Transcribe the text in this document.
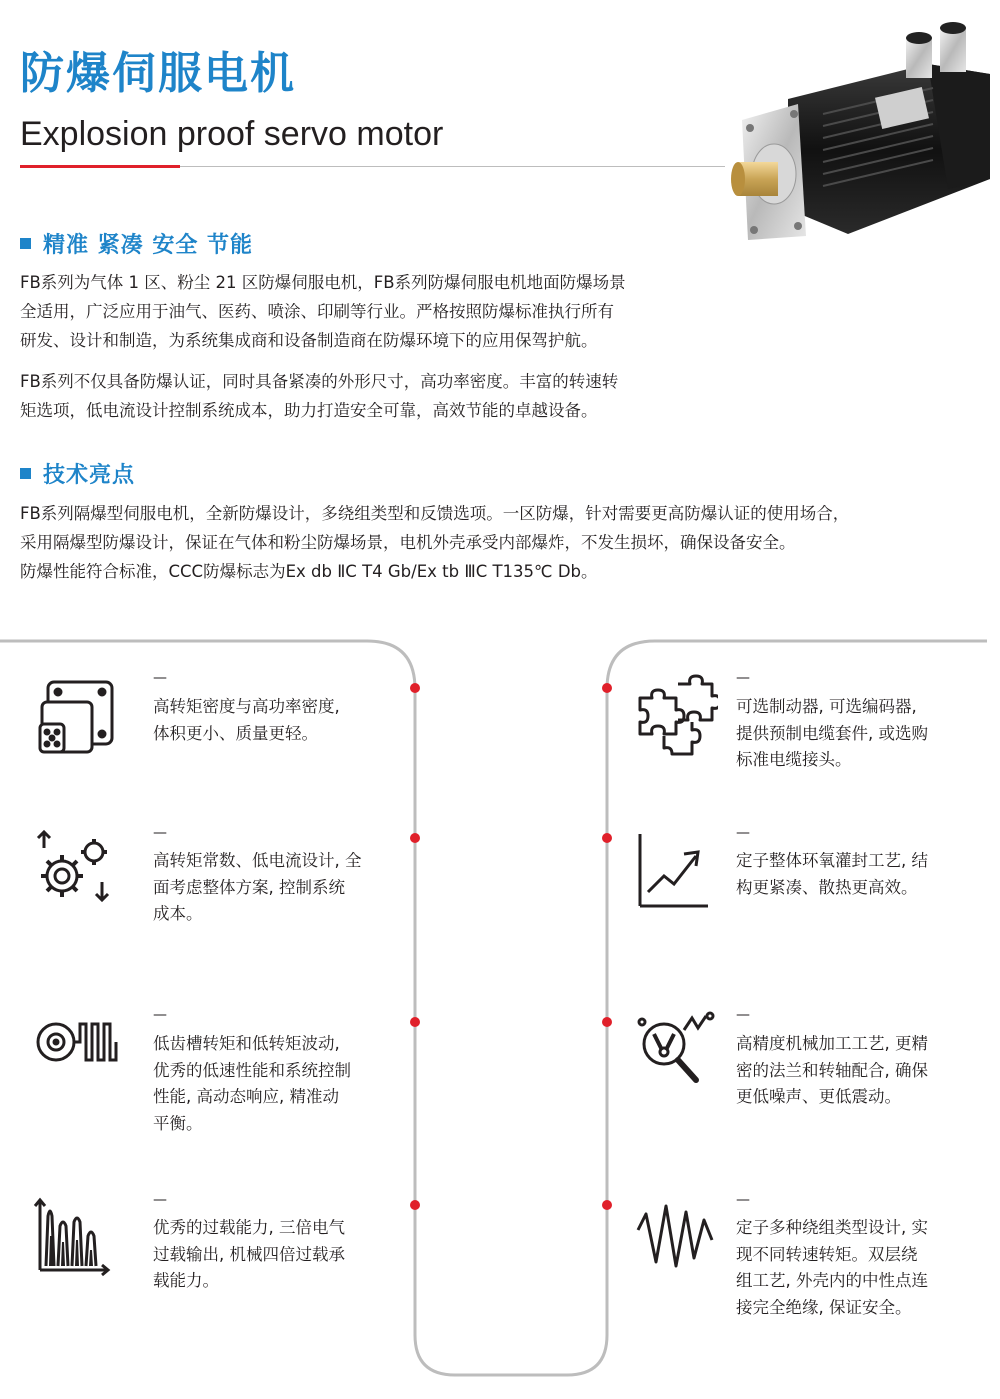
防爆伺服电机
Explosion proof servo motor
精准 紧凑 安全 节能

FB系列为气体 1 区、粉尘 21 区防爆伺服电机，FB系列防爆伺服电机地面防爆场景
全适用，广泛应用于油气、医药、喷涂、印刷等行业。严格按照防爆标准执行所有
研发、设计和制造，为系统集成商和设备制造商在防爆环境下的应用保驾护航。

FB系列不仅具备防爆认证，同时具备紧凑的外形尺寸，高功率密度。丰富的转速转
矩选项，低电流设计控制系统成本，助力打造安全可靠，高效节能的卓越设备。

技术亮点

FB系列隔爆型伺服电机，全新防爆设计，多绕组类型和反馈选项。一区防爆，针对需要更高防爆认证的使用场合，
采用隔爆型防爆设计，保证在气体和粉尘防爆场景，电机外壳承受内部爆炸，不发生损坏，确保设备安全。
防爆性能符合标准，CCC防爆标志为Ex db ⅡC T4 Gb/Ex tb ⅢC T135℃ Db。

—

高转矩密度与高功率密度,
体积更小、质量更轻。

—

高转矩常数、低电流设计, 全
面考虑整体方案, 控制系统
成本。

—

低齿槽转矩和低转矩波动,
优秀的低速性能和系统控制
性能, 高动态响应, 精准动
平衡。

—

优秀的过载能力, 三倍电气
过载输出, 机械四倍过载承
载能力。

—

可选制动器, 可选编码器,
提供预制电缆套件, 或选购
标准电缆接头。

—

定子整体环氧灌封工艺, 结
构更紧凑、散热更高效。

—

高精度机械加工工艺, 更精
密的法兰和转轴配合, 确保
更低噪声、更低震动。

—

定子多种绕组类型设计, 实
现不同转速转矩。双层绕
组工艺, 外壳内的中性点连
接完全绝缘, 保证安全。
